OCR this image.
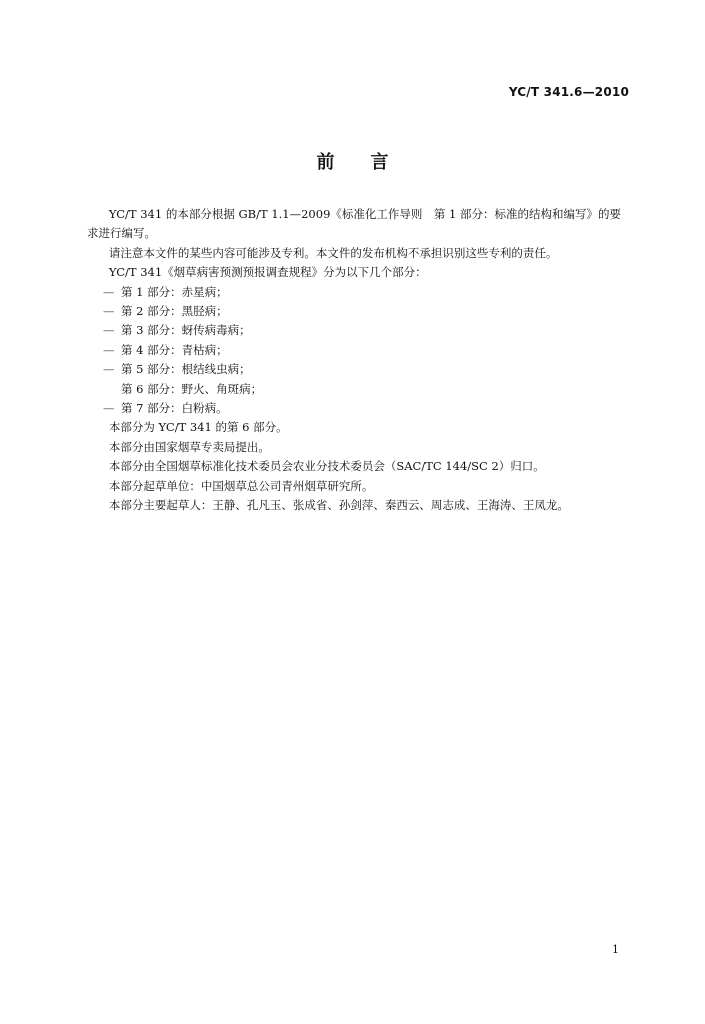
YC/T 341.6—2010
前 言

YC/T 341 的本部分根据 GB/T 1.1—2009《标准化工作导则　第 1 部分：标准的结构和编写》的要求进行编写。

请注意本文件的某些内容可能涉及专利。本文件的发布机构不承担识别这些专利的责任。

YC/T 341《烟草病害预测预报调查规程》分为以下几个部分：

— 第 1 部分：赤星病；
— 第 2 部分：黑胫病；
— 第 3 部分：蚜传病毒病；
— 第 4 部分：青枯病；
— 第 5 部分：根结线虫病；
第 6 部分：野火、角斑病；
— 第 7 部分：白粉病。

本部分为 YC/T 341 的第 6 部分。

本部分由国家烟草专卖局提出。

本部分由全国烟草标准化技术委员会农业分技术委员会（SAC/TC 144/SC 2）归口。

本部分起草单位：中国烟草总公司青州烟草研究所。

本部分主要起草人：王静、孔凡玉、张成省、孙剑萍、秦西云、周志成、王海涛、王凤龙。

1
